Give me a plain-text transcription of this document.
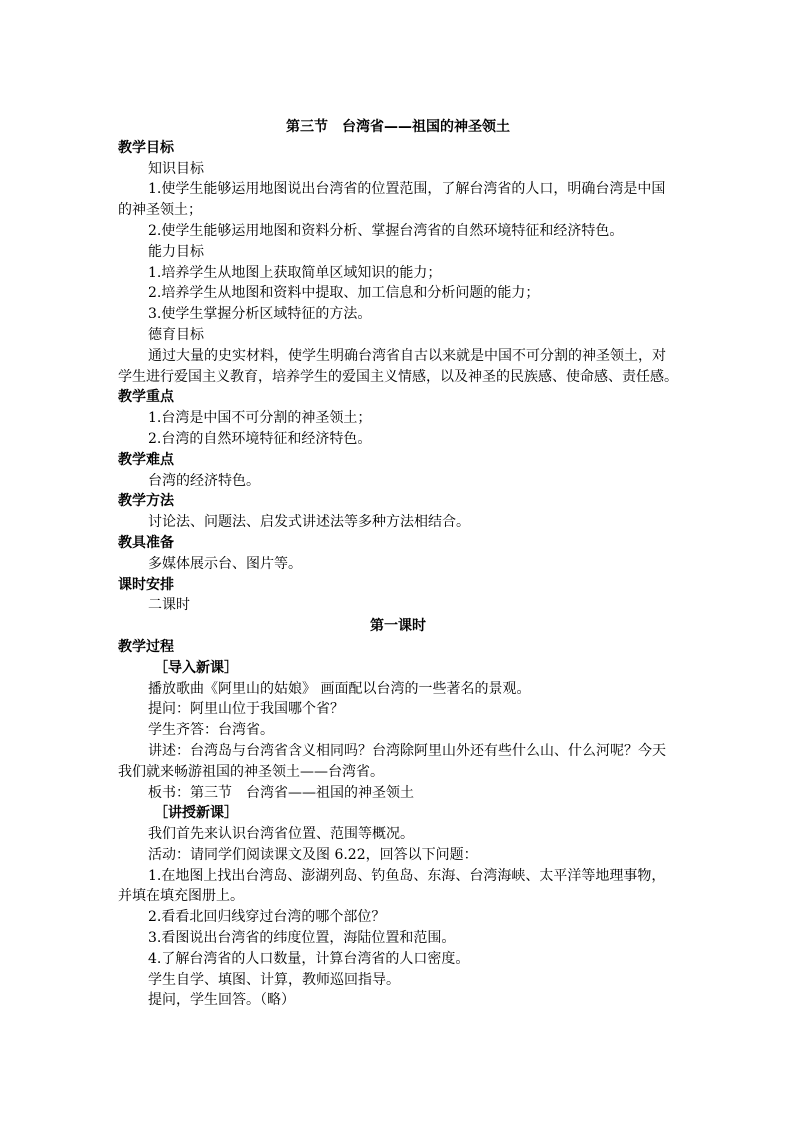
第三节　台湾省——祖国的神圣领土

教学目标

知识目标

1.使学生能够运用地图说出台湾省的位置范围，了解台湾省的人口，明确台湾是中国的神圣领土；

2.使学生能够运用地图和资料分析、掌握台湾省的自然环境特征和经济特色。

能力目标

1.培养学生从地图上获取简单区域知识的能力；

2.培养学生从地图和资料中提取、加工信息和分析问题的能力；

3.使学生掌握分析区域特征的方法。

德育目标

通过大量的史实材料，使学生明确台湾省自古以来就是中国不可分割的神圣领土，对学生进行爱国主义教育，培养学生的爱国主义情感，以及神圣的民族感、使命感、责任感。

教学重点

1.台湾是中国不可分割的神圣领土；

2.台湾的自然环境特征和经济特色。

教学难点

台湾的经济特色。

教学方法

讨论法、问题法、启发式讲述法等多种方法相结合。

教具准备

多媒体展示台、图片等。

课时安排

二课时

第一课时

教学过程

［导入新课］

播放歌曲《阿里山的姑娘》 画面配以台湾的一些著名的景观。

提问：阿里山位于我国哪个省？

学生齐答：台湾省。

讲述：台湾岛与台湾省含义相同吗？台湾除阿里山外还有些什么山、什么河呢？今天我们就来畅游祖国的神圣领土——台湾省。

板书：第三节　台湾省——祖国的神圣领土

［讲授新课］

我们首先来认识台湾省位置、范围等概况。

活动：请同学们阅读课文及图 6.22，回答以下问题：

1.在地图上找出台湾岛、澎湖列岛、钓鱼岛、东海、台湾海峡、太平洋等地理事物，并填在填充图册上。

2.看看北回归线穿过台湾的哪个部位？

3.看图说出台湾省的纬度位置，海陆位置和范围。

4.了解台湾省的人口数量，计算台湾省的人口密度。

学生自学、填图、计算，教师巡回指导。

提问，学生回答。（略）
